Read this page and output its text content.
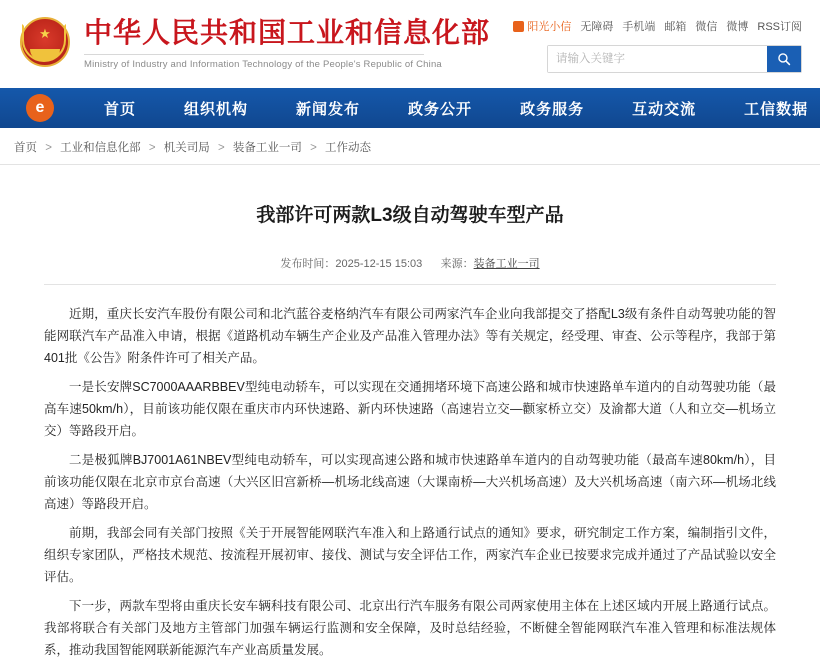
★ 中华人民共和国工业和信息化部
Ministry of Industry and Information Technology of the People's Republic of China
阳光小信 无障碍 手机端 邮箱 微信 微博 RSS订阅
请输入关键字
e	首页	组织机构	新闻发布	政务公开	政务服务	互动交流	工信数据
首页 > 工业和信息化部 > 机关司局 > 装备工业一司 > 工作动态
我部许可两款L3级自动驾驶车型产品
发布时间：2025-12-15 15:03 来源：装备工业一司

近期，重庆长安汽车股份有限公司和北汽蓝谷麦格纳汽车有限公司两家汽车企业向我部提交了搭配L3级有条件自动驾驶功能的智能网联汽车产品准入申请，根据《道路机动车辆生产企业及产品准入管理办法》等有关规定，经受理、审查、公示等程序，我部于第401批《公告》附条件许可了相关产品。

一是长安牌SC7000AAARBBEV型纯电动轿车，可以实现在交通拥堵环境下高速公路和城市快速路单车道内的自动驾驶功能（最高车速50km/h），目前该功能仅限在重庆市内环快速路、新内环快速路（高速岩立交—颧家桥立交）及渝都大道（人和立交—机场立交）等路段开启。

二是极狐牌BJ7001A61NBEV型纯电动轿车，可以实现高速公路和城市快速路单车道内的自动驾驶功能（最高车速80km/h），目前该功能仅限在北京市京台高速（大兴区旧宫新桥—机场北线高速（大课南桥—大兴机场高速）及大兴机场高速（南六环—机场北线高速）等路段开启。

前期，我部会同有关部门按照《关于开展智能网联汽车准入和上路通行试点的通知》要求，研究制定工作方案，编制指引文件，组织专家团队，严格技术规范、按流程开展初审、接伐、测试与安全评估工作，两家汽车企业已按要求完成并通过了产品试验以安全评估。

下一步，两款车型将由重庆长安车辆科技有限公司、北京出行汽车服务有限公司两家使用主体在上述区域内开展上路通行试点。我部将联合有关部门及地方主管部门加强车辆运行监测和安全保障，及时总结经验，不断健全智能网联汽车准入管理和标准法规体系，推动我国智能网联新能源汽车产业高质量发展。
